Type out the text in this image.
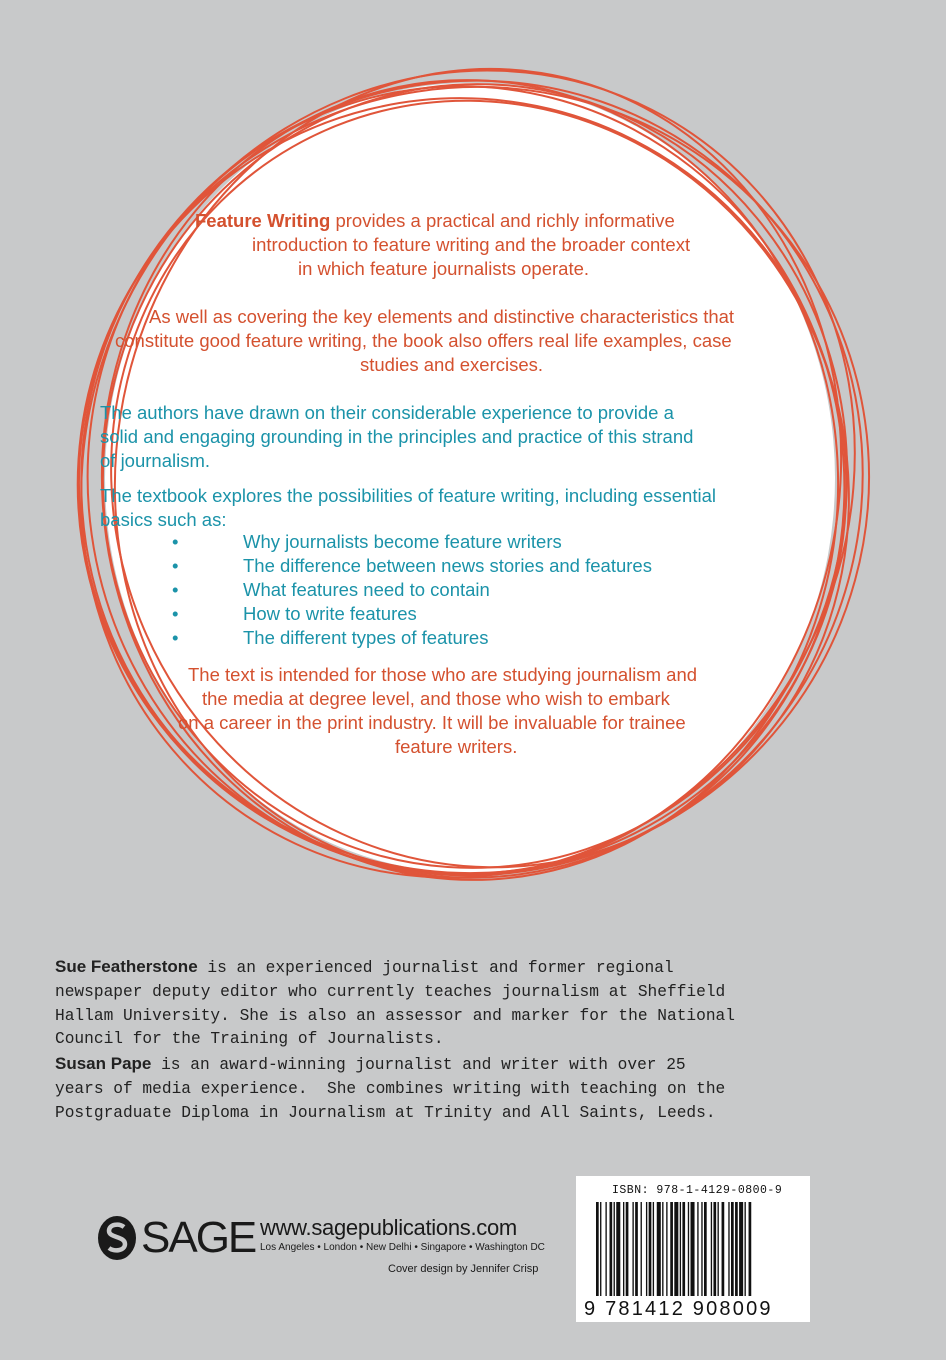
Feature Writing provides a practical and richly informative

introduction to feature writing and the broader context

in which feature journalists operate.

As well as covering the key elements and distinctive characteristics that

constitute good feature writing, the book also offers real life examples, case

studies and exercises.

The authors have drawn on their considerable experience to provide a

solid and engaging grounding in the principles and practice of this strand

of journalism.

The textbook explores the possibilities of feature writing, including essential

basics such as:

•	Why journalists become feature writers
•	The difference between news stories and features
•	What features need to contain
•	How to write features
•	The different types of features

The text is intended for those who are studying journalism and

the media at degree level, and those who wish to embark

on a career in the print industry. It will be invaluable for trainee

feature writers.

Sue Featherstone is an experienced journalist and former regional
newspaper deputy editor who currently teaches journalism at Sheffield
Hallam University. She is also an assessor and marker for the National
Council for the Training of Journalists.
Susan Pape is an award-winning journalist and writer with over 25
years of media experience.  She combines writing with teaching on the
Postgraduate Diploma in Journalism at Trinity and All Saints, Leeds.
SAGE www.sagepublications.com
Los Angeles • London • New Delhi • Singapore • Washington DC
Cover design by Jennifer Crisp
ISBN: 978-1-4129-0800-9
9 781412 908009
